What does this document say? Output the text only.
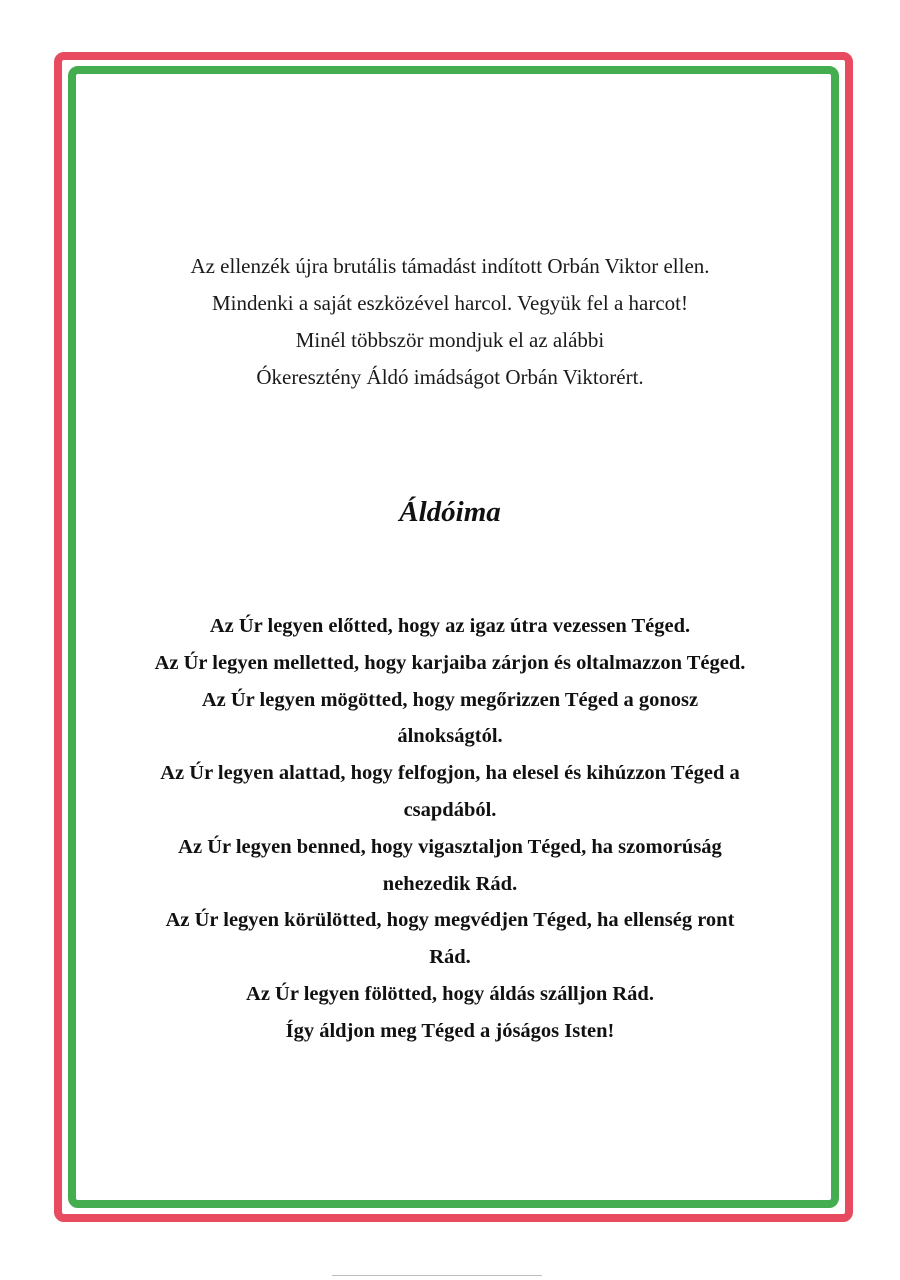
Az ellenzék újra brutális támadást indított Orbán Viktor ellen.
Mindenki a saját eszközével harcol. Vegyük fel a harcot!
Minél többször mondjuk el az alábbi
Ókeresztény Áldó imádságot Orbán Viktorért.
Áldóima
Az Úr legyen előtted, hogy az igaz útra vezessen Téged.
Az Úr legyen melletted, hogy karjaiba zárjon és oltalmazzon Téged.
Az Úr legyen mögötted, hogy megőrizzen Téged a gonosz
álnokságtól.
Az Úr legyen alattad, hogy felfogjon, ha elesel és kihúzzon Téged a
csapdából.
Az Úr legyen benned, hogy vigasztaljon Téged, ha szomorúság
nehezedik Rád.
Az Úr legyen körülötted, hogy megvédjen Téged, ha ellenség ront
Rád.
Az Úr legyen fölötted, hogy áldás szálljon Rád.
Így áldjon meg Téged a jóságos Isten!
